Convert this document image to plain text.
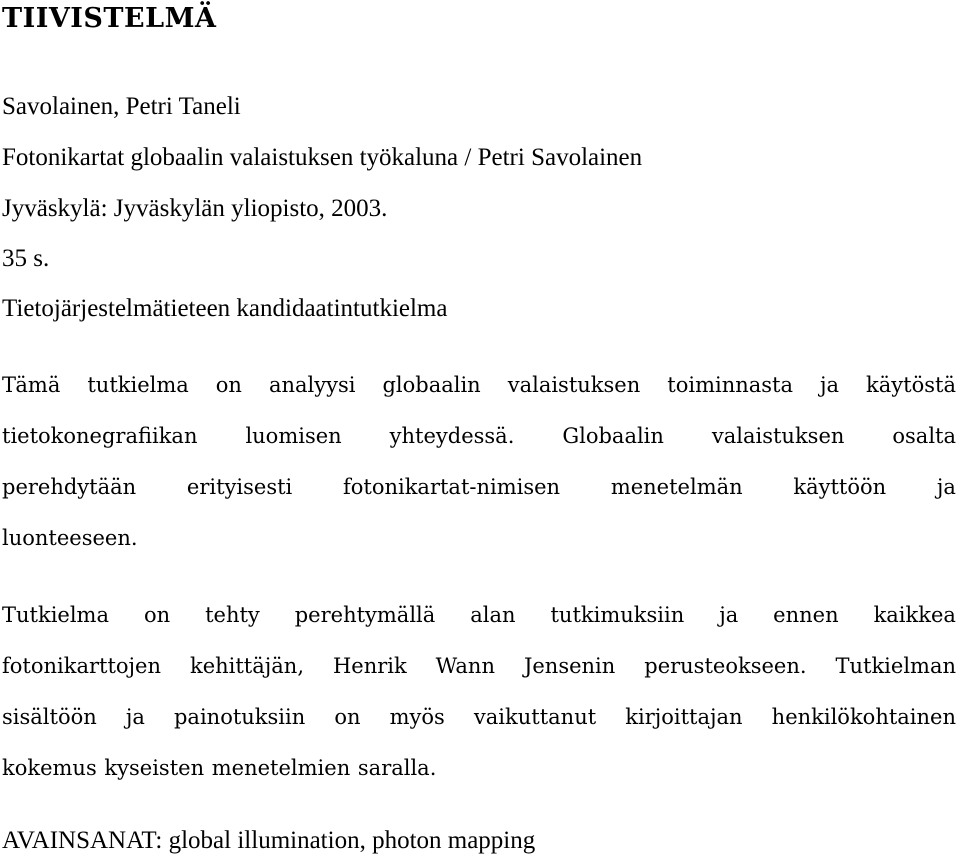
TIIVISTELMÄ

Savolainen, Petri Taneli

Fotonikartat globaalin valaistuksen työkaluna / Petri Savolainen

Jyväskylä: Jyväskylän yliopisto, 2003.

35 s.

Tietojärjestelmätieteen kandidaatintutkielma

Tämä tutkielma on analyysi globaalin valaistuksen toiminnasta ja käytöstä
tietokonegrafiikan luomisen yhteydessä. Globaalin valaistuksen osalta
perehdytään erityisesti fotonikartat-nimisen menetelmän käyttöön ja
luonteeseen.
Tutkielma on tehty perehtymällä alan tutkimuksiin ja ennen kaikkea
fotonikarttojen kehittäjän, Henrik Wann Jensenin perusteokseen. Tutkielman
sisältöön ja painotuksiin on myös vaikuttanut kirjoittajan henkilökohtainen
kokemus kyseisten menetelmien saralla.

AVAINSANAT: global illumination, photon mapping
